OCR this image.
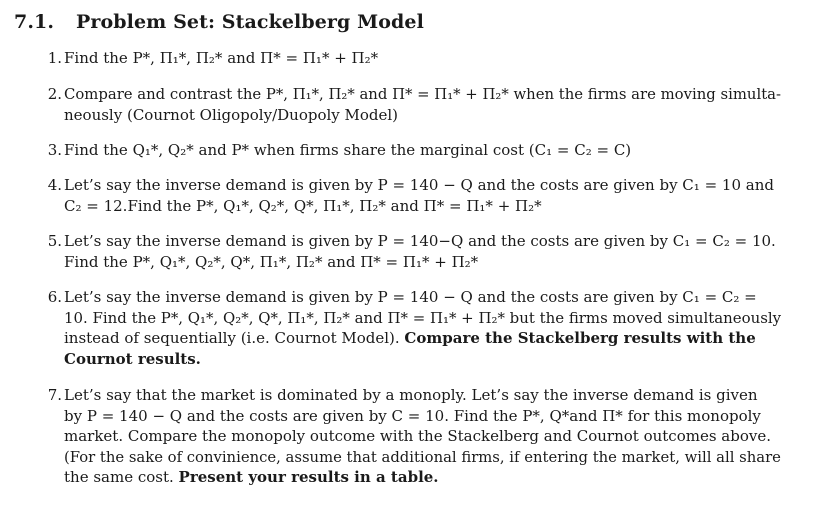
7.1. Problem Set: Stackelberg Model
1. Find the P*, Π₁*, Π₂* and Π* = Π₁* + Π₂*
2. Compare and contrast the P*, Π₁*, Π₂* and Π* = Π₁* + Π₂* when the firms are moving simulta-
neously (Cournot Oligopoly/Duopoly Model)
3. Find the Q₁*, Q₂* and P* when firms share the marginal cost (C₁ = C₂ = C)
4. Let’s say the inverse demand is given by P = 140 − Q and the costs are given by C₁ = 10 and
C₂ = 12.Find the P*, Q₁*, Q₂*, Q*, Π₁*, Π₂* and Π* = Π₁* + Π₂*
5. Let’s say the inverse demand is given by P = 140−Q and the costs are given by C₁ = C₂ = 10.
Find the P*, Q₁*, Q₂*, Q*, Π₁*, Π₂* and Π* = Π₁* + Π₂*
6. Let’s say the inverse demand is given by P = 140 − Q and the costs are given by C₁ = C₂ =
10. Find the P*, Q₁*, Q₂*, Q*, Π₁*, Π₂* and Π* = Π₁* + Π₂* but the firms moved simultaneously
instead of sequentially (i.e. Cournot Model). Compare the Stackelberg results with the
Cournot results.
7. Let’s say that the market is dominated by a monoply. Let’s say the inverse demand is given
by P = 140 − Q and the costs are given by C = 10. Find the P*, Q*and Π* for this monopoly
market. Compare the monopoly outcome with the Stackelberg and Cournot outcomes above.
(For the sake of convinience, assume that additional firms, if entering the market, will all share
the same cost. Present your results in a table.
